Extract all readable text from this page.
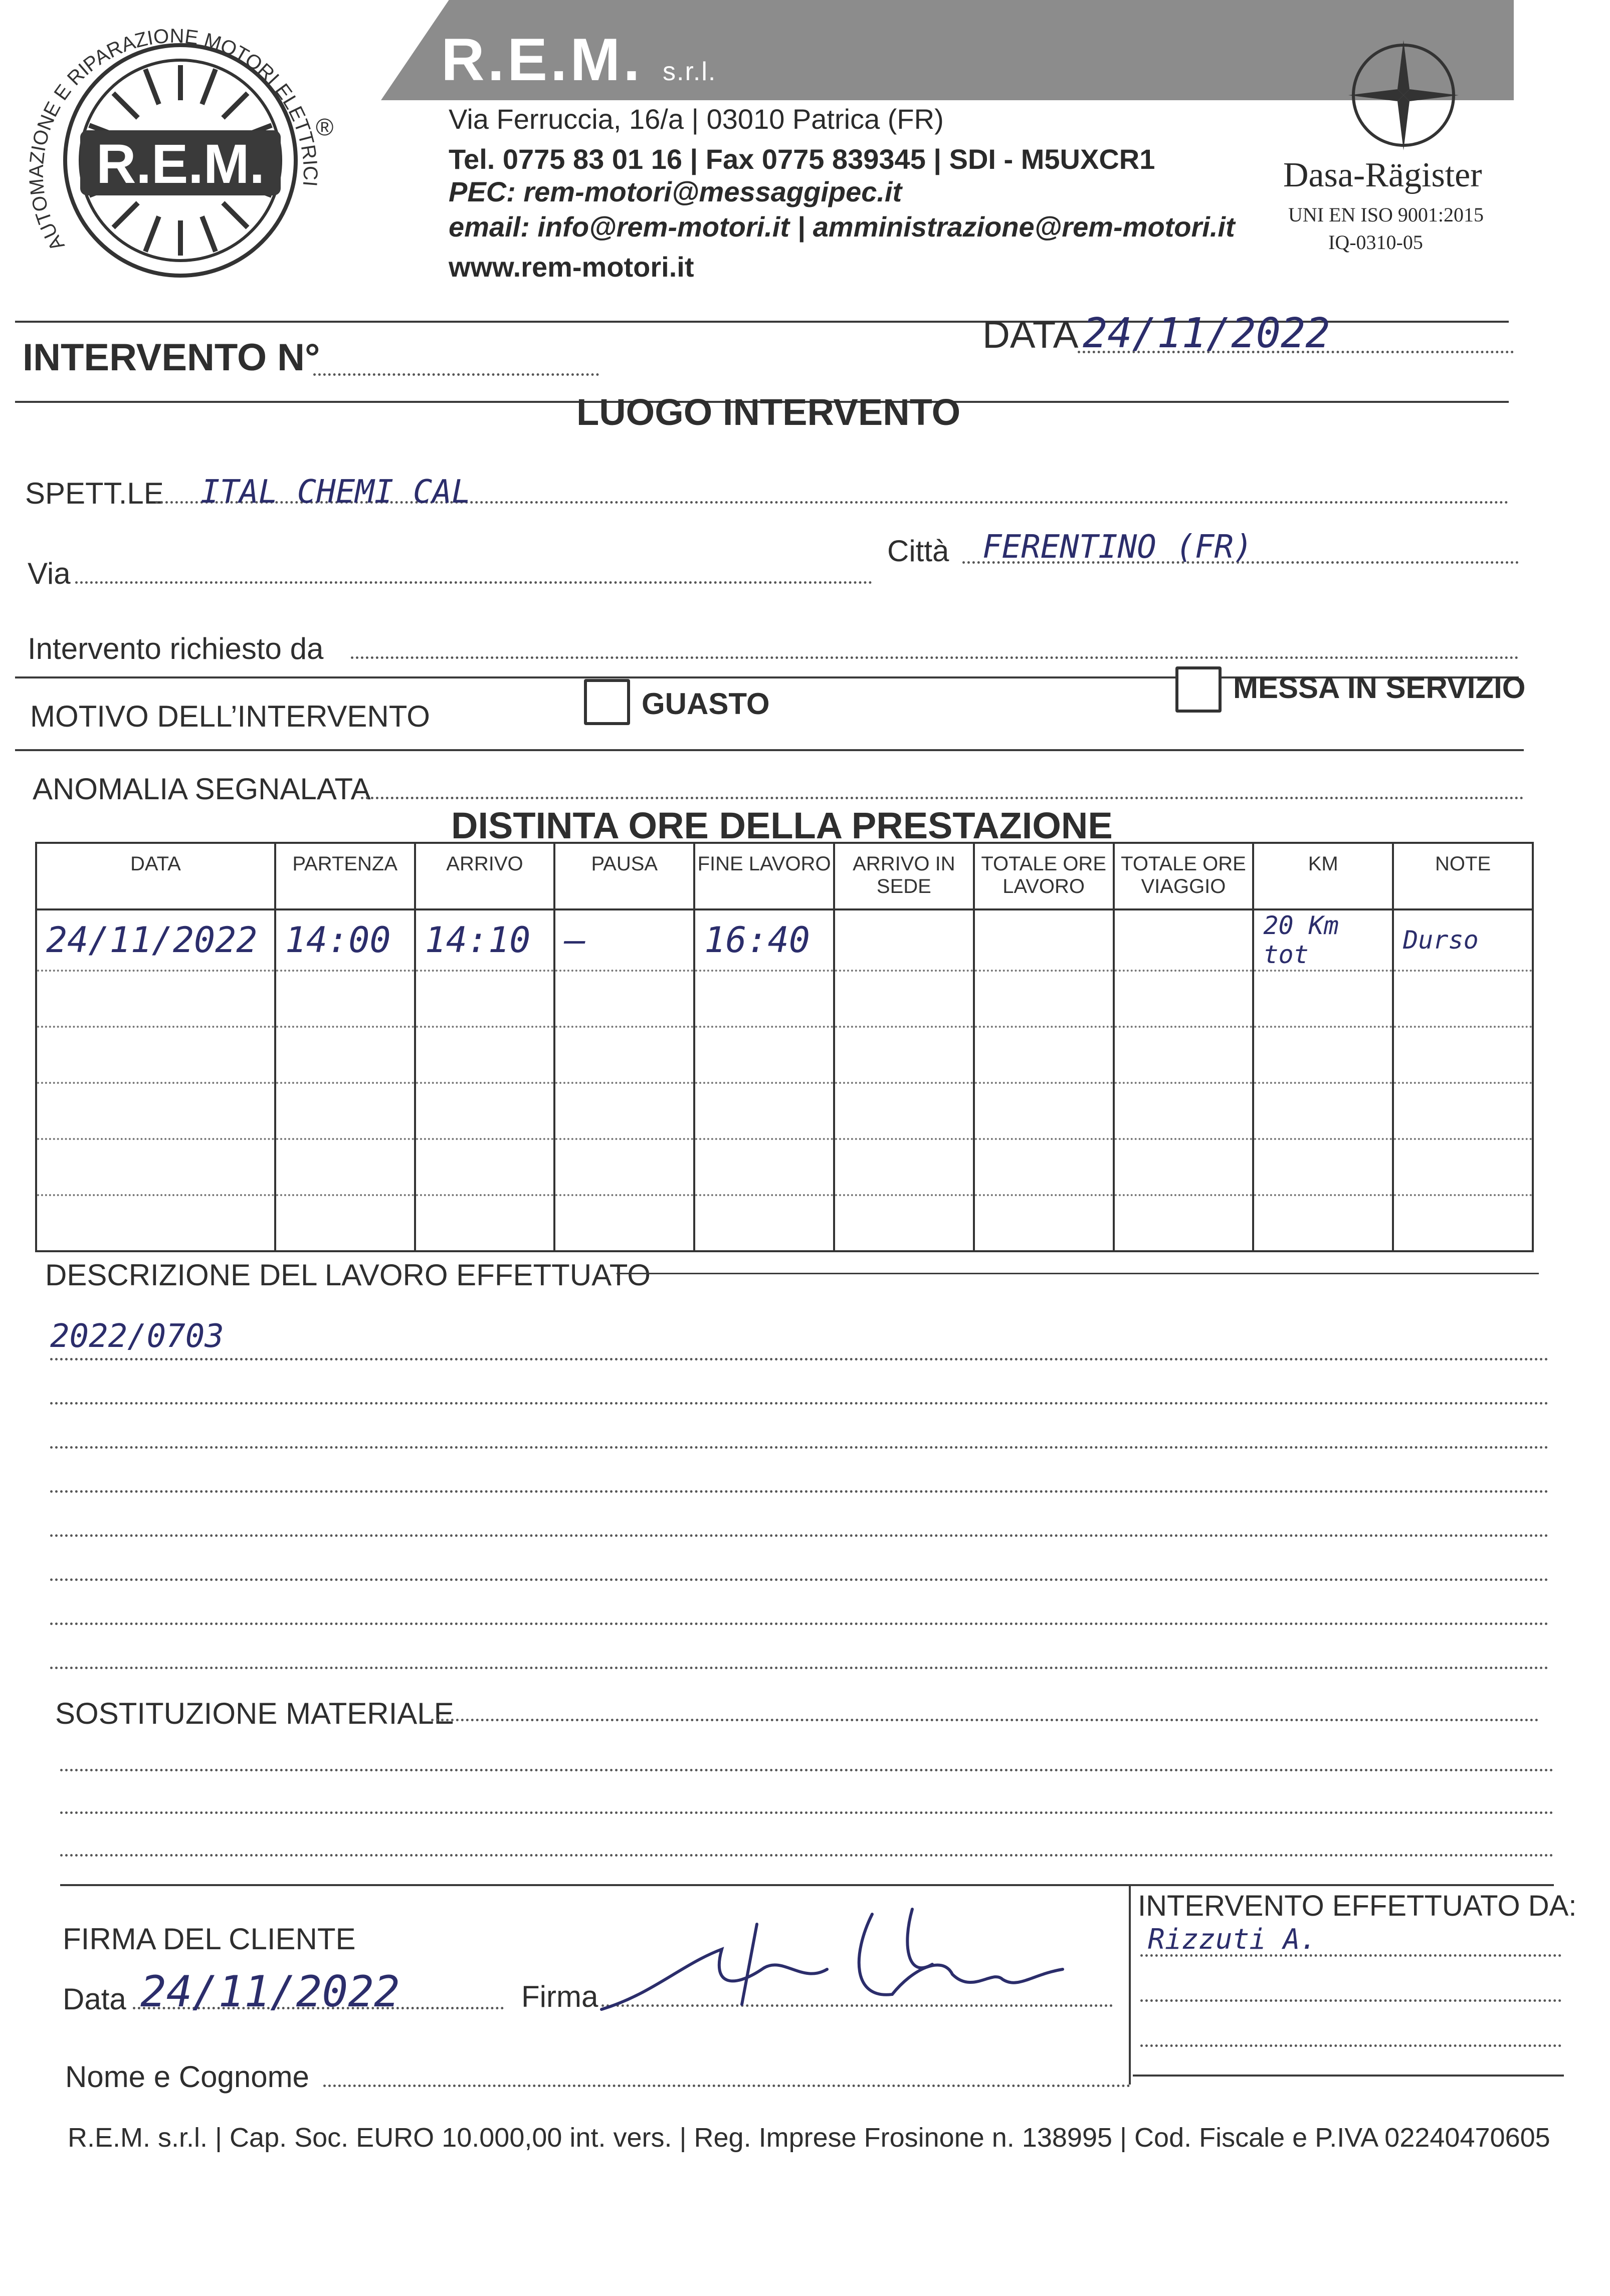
R.E.M.
AUTOMAZIONE E RIPARAZIONE MOTORI ELETTRICI
®
R.E.M. s.r.l.
Via Ferruccia, 16/a | 03010 Patrica (FR)
Tel. 0775 83 01 16 | Fax 0775 839345 | SDI - M5UXCR1
PEC: rem-motori@messaggipec.it
email: info@rem-motori.it | amministrazione@rem-motori.it
www.rem-motori.it
Dasa-Rägister
UNI EN ISO 9001:2015
IQ-0310-05
INTERVENTO N°
DATA 24/11/2022
LUOGO INTERVENTO
SPETT.LE ITAL CHEMI CAL
Via
Città FERENTINO (FR)
Intervento richiesto da
MOTIVO DELL’INTERVENTO	GUASTO	MESSA IN SERVIZIO
ANOMALIA SEGNALATA
DISTINTA ORE DELLA PRESTAZIONE
DATA	PARTENZA	ARRIVO	PAUSA	FINE LAVORO	ARRIVO IN SEDE	TOTALE ORE LAVORO	TOTALE ORE VIAGGIO	KM	NOTE
24/11/2022	14:00	14:10	—	16:40				20 Km tot	Durso

DESCRIZIONE DEL LAVORO EFFETTUATO
2022/0703
SOSTITUZIONE MATERIALE
FIRMA DEL CLIENTE
Data 24/11/2022	Firma
Nome e Cognome
INTERVENTO EFFETTUATO DA:
Rizzuti A.
R.E.M. s.r.l. | Cap. Soc. EURO 10.000,00 int. vers. | Reg. Imprese Frosinone n. 138995 | Cod. Fiscale e P.IVA 02240470605
